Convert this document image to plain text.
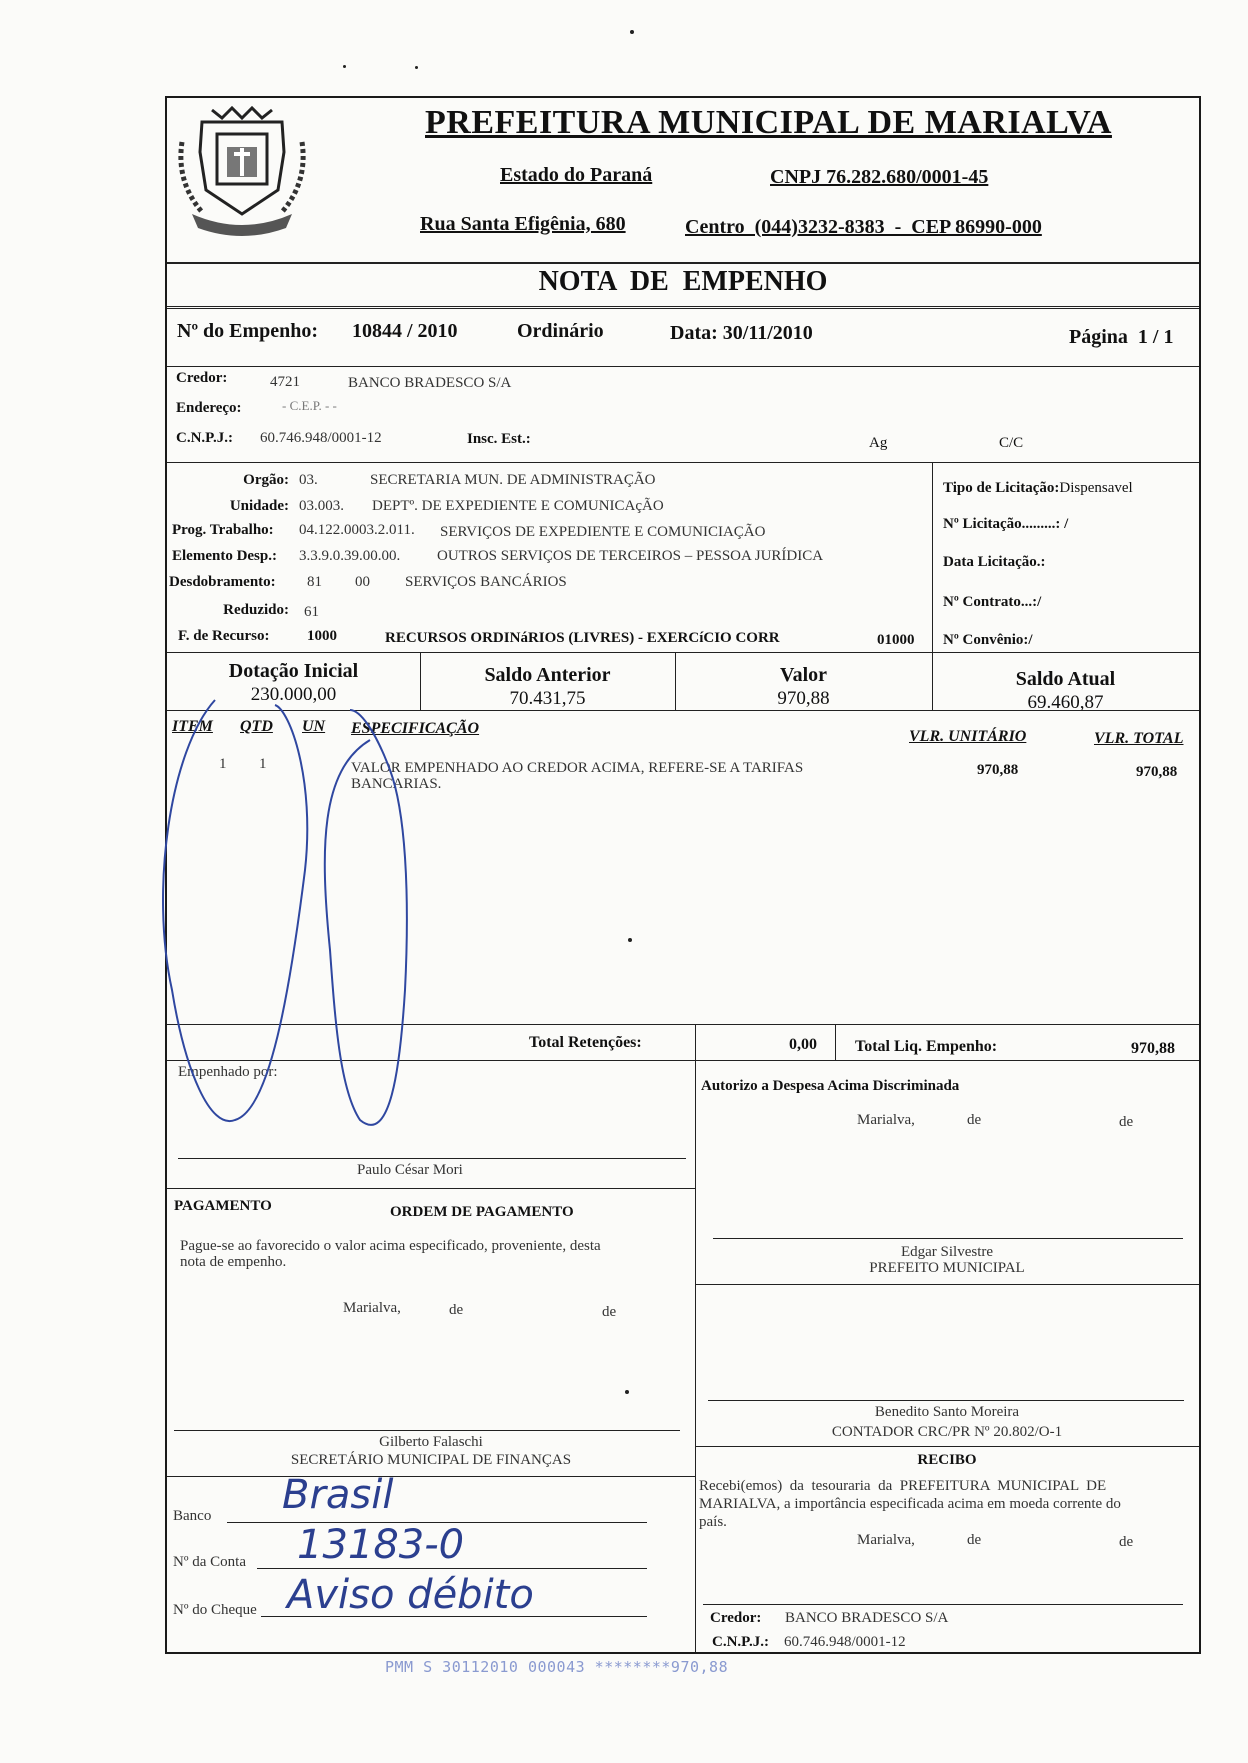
PREFEITURA MUNICIPAL DE MARIALVA
Estado do Paraná	CNPJ 76.282.680/0001-45
Rua Santa Efigênia, 680	Centro  (044)3232-8383  -  CEP 86990-000
NOTA  DE  EMPENHO
Nº do Empenho: 10844 / 2010	Ordinário	Data: 30/11/2010	Página  1 / 1
Credor:	4721	BANCO BRADESCO S/A
Endereço:	- C.E.P. - -
C.N.P.J.: 60.746.948/0001-12	Insc. Est.:	Ag	C/C
Orgão: 03.	SECRETARIA MUN. DE ADMINISTRAÇÃO
Unidade: 03.003. DEPTº. DE EXPEDIENTE E COMUNICAçÃO
Prog. Trabalho: 04.122.0003.2.011. SERVIÇOS DE EXPEDIENTE E COMUNICIAÇÃO
Elemento Desp.: 3.3.9.0.39.00.00. OUTROS SERVIÇOS DE TERCEIROS – PESSOA JURÍDICA
Desdobramento: 81 00 SERVIÇOS BANCÁRIOS
Reduzido: 61
F. de Recurso: 1000	RECURSOS ORDINáRIOS (LIVRES) - EXERCíCIO CORR	01000
Tipo de Licitação:Dispensavel
Nº Licitação.........: /
Data Licitação.:
Nº Contrato...:/
Nº Convênio:/
Dotação Inicial
230.000,00
Saldo Anterior
70.431,75
Valor
970,88
Saldo Atual
69.460,87
ITEM QTD UN ESPECIFICAÇÃO	VLR. UNITÁRIO	VLR. TOTAL
1 1	VALOR EMPENHADO AO CREDOR ACIMA, REFERE-SE A TARIFAS
BANCARIAS.
970,88	970,88
Total Retenções:	0,00 Total Liq. Empenho:	970,88
Empenhado por:
Paulo César Mori
PAGAMENTO	ORDEM DE PAGAMENTO
Pague-se ao favorecido o valor acima especificado, proveniente, desta
nota de empenho.
Marialva,	de	de
Gilberto Falaschi
SECRETÁRIO MUNICIPAL DE FINANÇAS
Banco Brasil
Nº da Conta 13183-0
Nº do Cheque Aviso débito
Autorizo a Despesa Acima Discriminada
Marialva,	de	de
Edgar Silvestre
PREFEITO MUNICIPAL
Benedito Santo Moreira
CONTADOR CRC/PR Nº 20.802/O-1
RECIBO
Recebi(emos)  da  tesouraria  da  PREFEITURA  MUNICIPAL  DE
MARIALVA, a importância especificada acima em moeda corrente do
país.
Marialva,	de	de
Credor: BANCO BRADESCO S/A
C.N.P.J.: 60.746.948/0001-12
PMM S 30112010 000043 ********970,88
